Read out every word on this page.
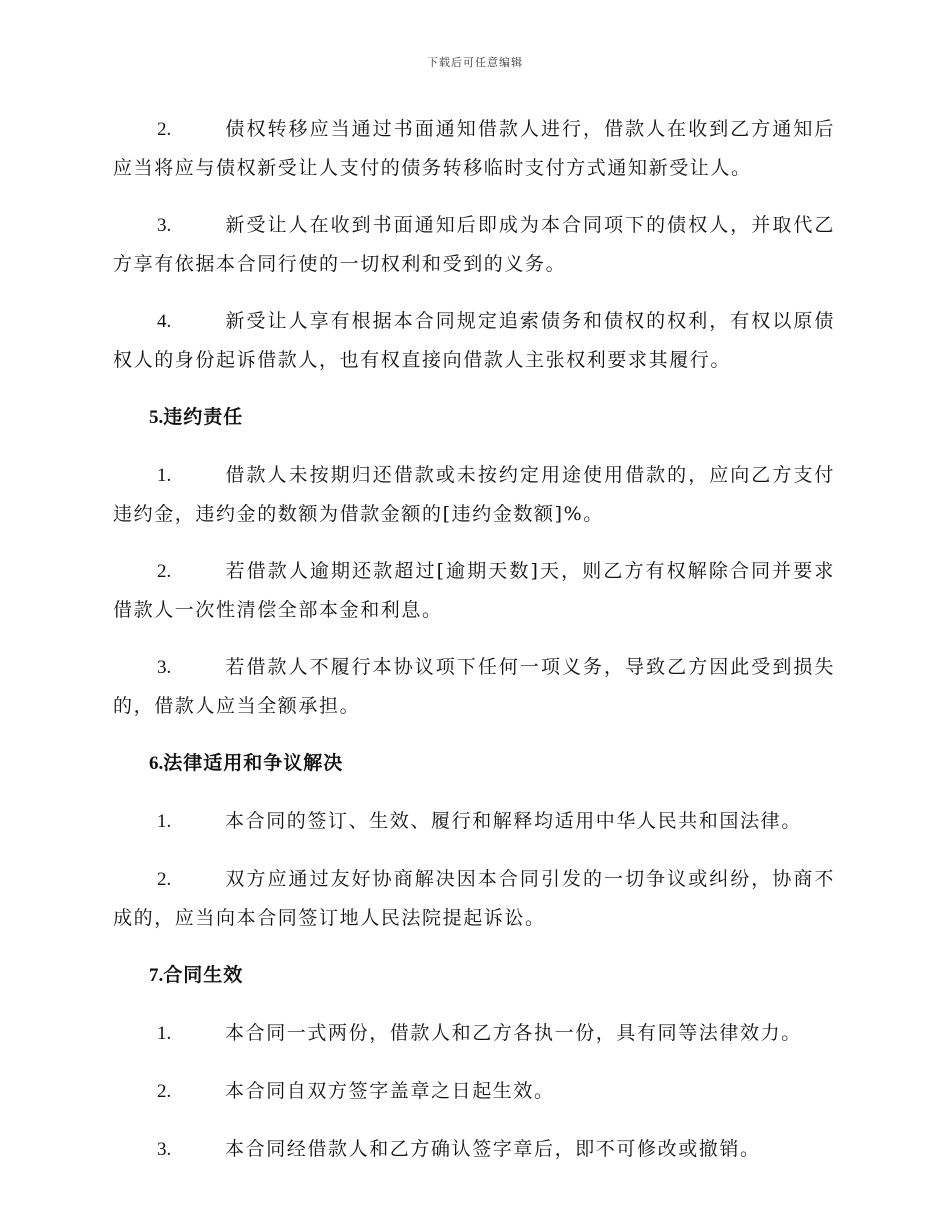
下载后可任意编辑
2.	债权转移应当通过书面通知借款人进行，借款人在收到乙方通知后应当将应与债权新受让人支付的债务转移临时支付方式通知新受让人。
3.	新受让人在收到书面通知后即成为本合同项下的债权人，并取代乙方享有依据本合同行使的一切权利和受到的义务。
4.	新受让人享有根据本合同规定追索债务和债权的权利，有权以原债权人的身份起诉借款人，也有权直接向借款人主张权利要求其履行。
5.违约责任
1.	借款人未按期归还借款或未按约定用途使用借款的，应向乙方支付违约金，违约金的数额为借款金额的[违约金数额]%。
2.	若借款人逾期还款超过[逾期天数]天，则乙方有权解除合同并要求借款人一次性清偿全部本金和利息。
3.	若借款人不履行本协议项下任何一项义务，导致乙方因此受到损失的，借款人应当全额承担。
6.法律适用和争议解决
1.	本合同的签订、生效、履行和解释均适用中华人民共和国法律。
2.	双方应通过友好协商解决因本合同引发的一切争议或纠纷，协商不成的，应当向本合同签订地人民法院提起诉讼。
7.合同生效
1.	本合同一式两份，借款人和乙方各执一份，具有同等法律效力。
2.	本合同自双方签字盖章之日起生效。
3.	本合同经借款人和乙方确认签字章后，即不可修改或撤销。
